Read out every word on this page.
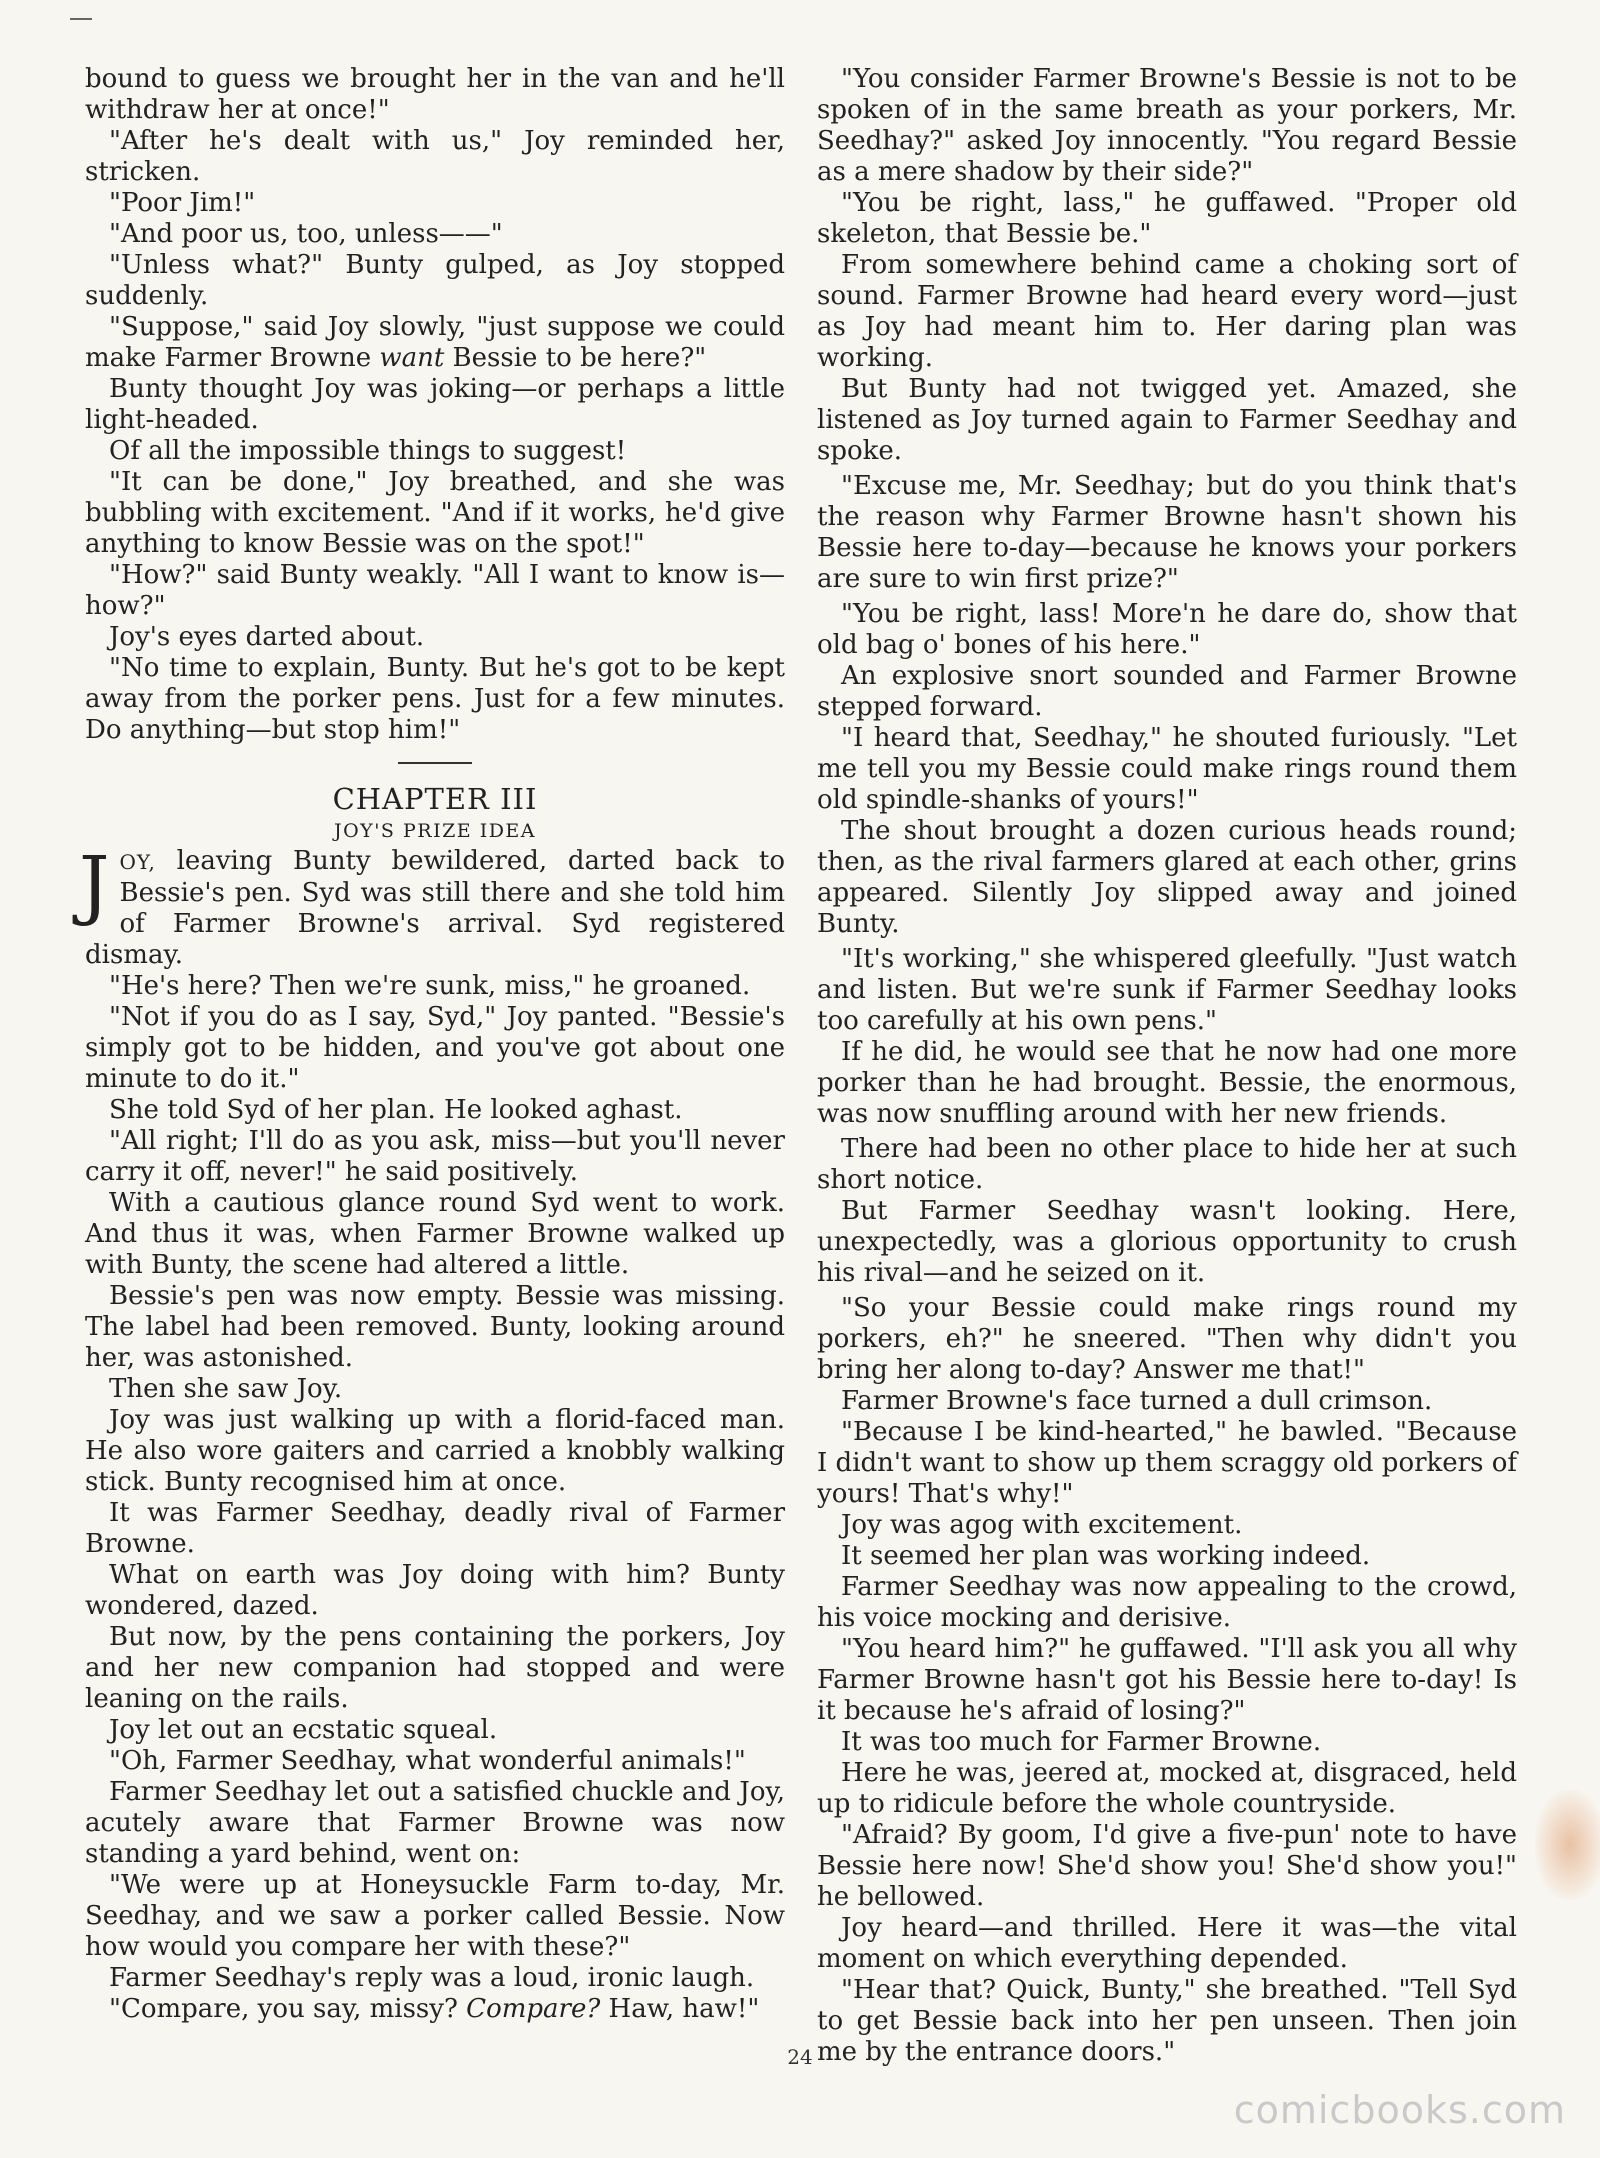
bound to guess we brought her in the van and he'll withdraw her at once!"

"After he's dealt with us," Joy reminded her, stricken.

"Poor Jim!"

"And poor us, too, unless——"

"Unless what?" Bunty gulped, as Joy stopped suddenly.

"Suppose," said Joy slowly, "just suppose we could make Farmer Browne want Bessie to be here?"

Bunty thought Joy was joking—or perhaps a little light-headed.

Of all the impossible things to suggest!

"It can be done," Joy breathed, and she was bubbling with excitement. "And if it works, he'd give anything to know Bessie was on the spot!"

"How?" said Bunty weakly. "All I want to know is—how?"

Joy's eyes darted about.

"No time to explain, Bunty. But he's got to be kept away from the porker pens. Just for a few minutes. Do anything—but stop him!"

CHAPTER III

JOY'S PRIZE IDEA

JOY, leaving Bunty bewildered, darted back to Bessie's pen. Syd was still there and she told him of Farmer Browne's arrival. Syd registered dismay.

"He's here? Then we're sunk, miss," he groaned.

"Not if you do as I say, Syd," Joy panted. "Bessie's simply got to be hidden, and you've got about one minute to do it."

She told Syd of her plan. He looked aghast.

"All right; I'll do as you ask, miss—but you'll never carry it off, never!" he said positively.

With a cautious glance round Syd went to work. And thus it was, when Farmer Browne walked up with Bunty, the scene had altered a little.

Bessie's pen was now empty. Bessie was missing. The label had been removed. Bunty, looking around her, was astonished.

Then she saw Joy.

Joy was just walking up with a florid-faced man. He also wore gaiters and carried a knobbly walking stick. Bunty recognised him at once.

It was Farmer Seedhay, deadly rival of Farmer Browne.

What on earth was Joy doing with him? Bunty wondered, dazed.

But now, by the pens containing the porkers, Joy and her new companion had stopped and were leaning on the rails.

Joy let out an ecstatic squeal.

"Oh, Farmer Seedhay, what wonderful animals!"

Farmer Seedhay let out a satisfied chuckle and Joy, acutely aware that Farmer Browne was now standing a yard behind, went on:

"We were up at Honeysuckle Farm to-day, Mr. Seedhay, and we saw a porker called Bessie. Now how would you compare her with these?"

Farmer Seedhay's reply was a loud, ironic laugh.

"Compare, you say, missy? Compare? Haw, haw!"

"You consider Farmer Browne's Bessie is not to be spoken of in the same breath as your porkers, Mr. Seedhay?" asked Joy innocently. "You regard Bessie as a mere shadow by their side?"

"You be right, lass," he guffawed. "Proper old skeleton, that Bessie be."

From somewhere behind came a choking sort of sound. Farmer Browne had heard every word—just as Joy had meant him to. Her daring plan was working.

But Bunty had not twigged yet. Amazed, she listened as Joy turned again to Farmer Seedhay and spoke.

"Excuse me, Mr. Seedhay; but do you think that's the reason why Farmer Browne hasn't shown his Bessie here to-day—because he knows your porkers are sure to win first prize?"

"You be right, lass! More'n he dare do, show that old bag o' bones of his here."

An explosive snort sounded and Farmer Browne stepped forward.

"I heard that, Seedhay," he shouted furiously. "Let me tell you my Bessie could make rings round them old spindle-shanks of yours!"

The shout brought a dozen curious heads round; then, as the rival farmers glared at each other, grins appeared. Silently Joy slipped away and joined Bunty.

"It's working," she whispered gleefully. "Just watch and listen. But we're sunk if Farmer Seedhay looks too carefully at his own pens."

If he did, he would see that he now had one more porker than he had brought. Bessie, the enormous, was now snuffling around with her new friends.

There had been no other place to hide her at such short notice.

But Farmer Seedhay wasn't looking. Here, unexpectedly, was a glorious opportunity to crush his rival—and he seized on it.

"So your Bessie could make rings round my porkers, eh?" he sneered. "Then why didn't you bring her along to-day? Answer me that!"

Farmer Browne's face turned a dull crimson.

"Because I be kind-hearted," he bawled. "Because I didn't want to show up them scraggy old porkers of yours! That's why!"

Joy was agog with excitement.

It seemed her plan was working indeed.

Farmer Seedhay was now appealing to the crowd, his voice mocking and derisive.

"You heard him?" he guffawed. "I'll ask you all why Farmer Browne hasn't got his Bessie here to-day! Is it because he's afraid of losing?"

It was too much for Farmer Browne.

Here he was, jeered at, mocked at, disgraced, held up to ridicule before the whole countryside.

"Afraid? By goom, I'd give a five-pun' note to have Bessie here now! She'd show you! She'd show you!" he bellowed.

Joy heard—and thrilled. Here it was—the vital moment on which everything depended.

"Hear that? Quick, Bunty," she breathed. "Tell Syd to get Bessie back into her pen unseen. Then join me by the entrance doors."

24
comicbooks.com
